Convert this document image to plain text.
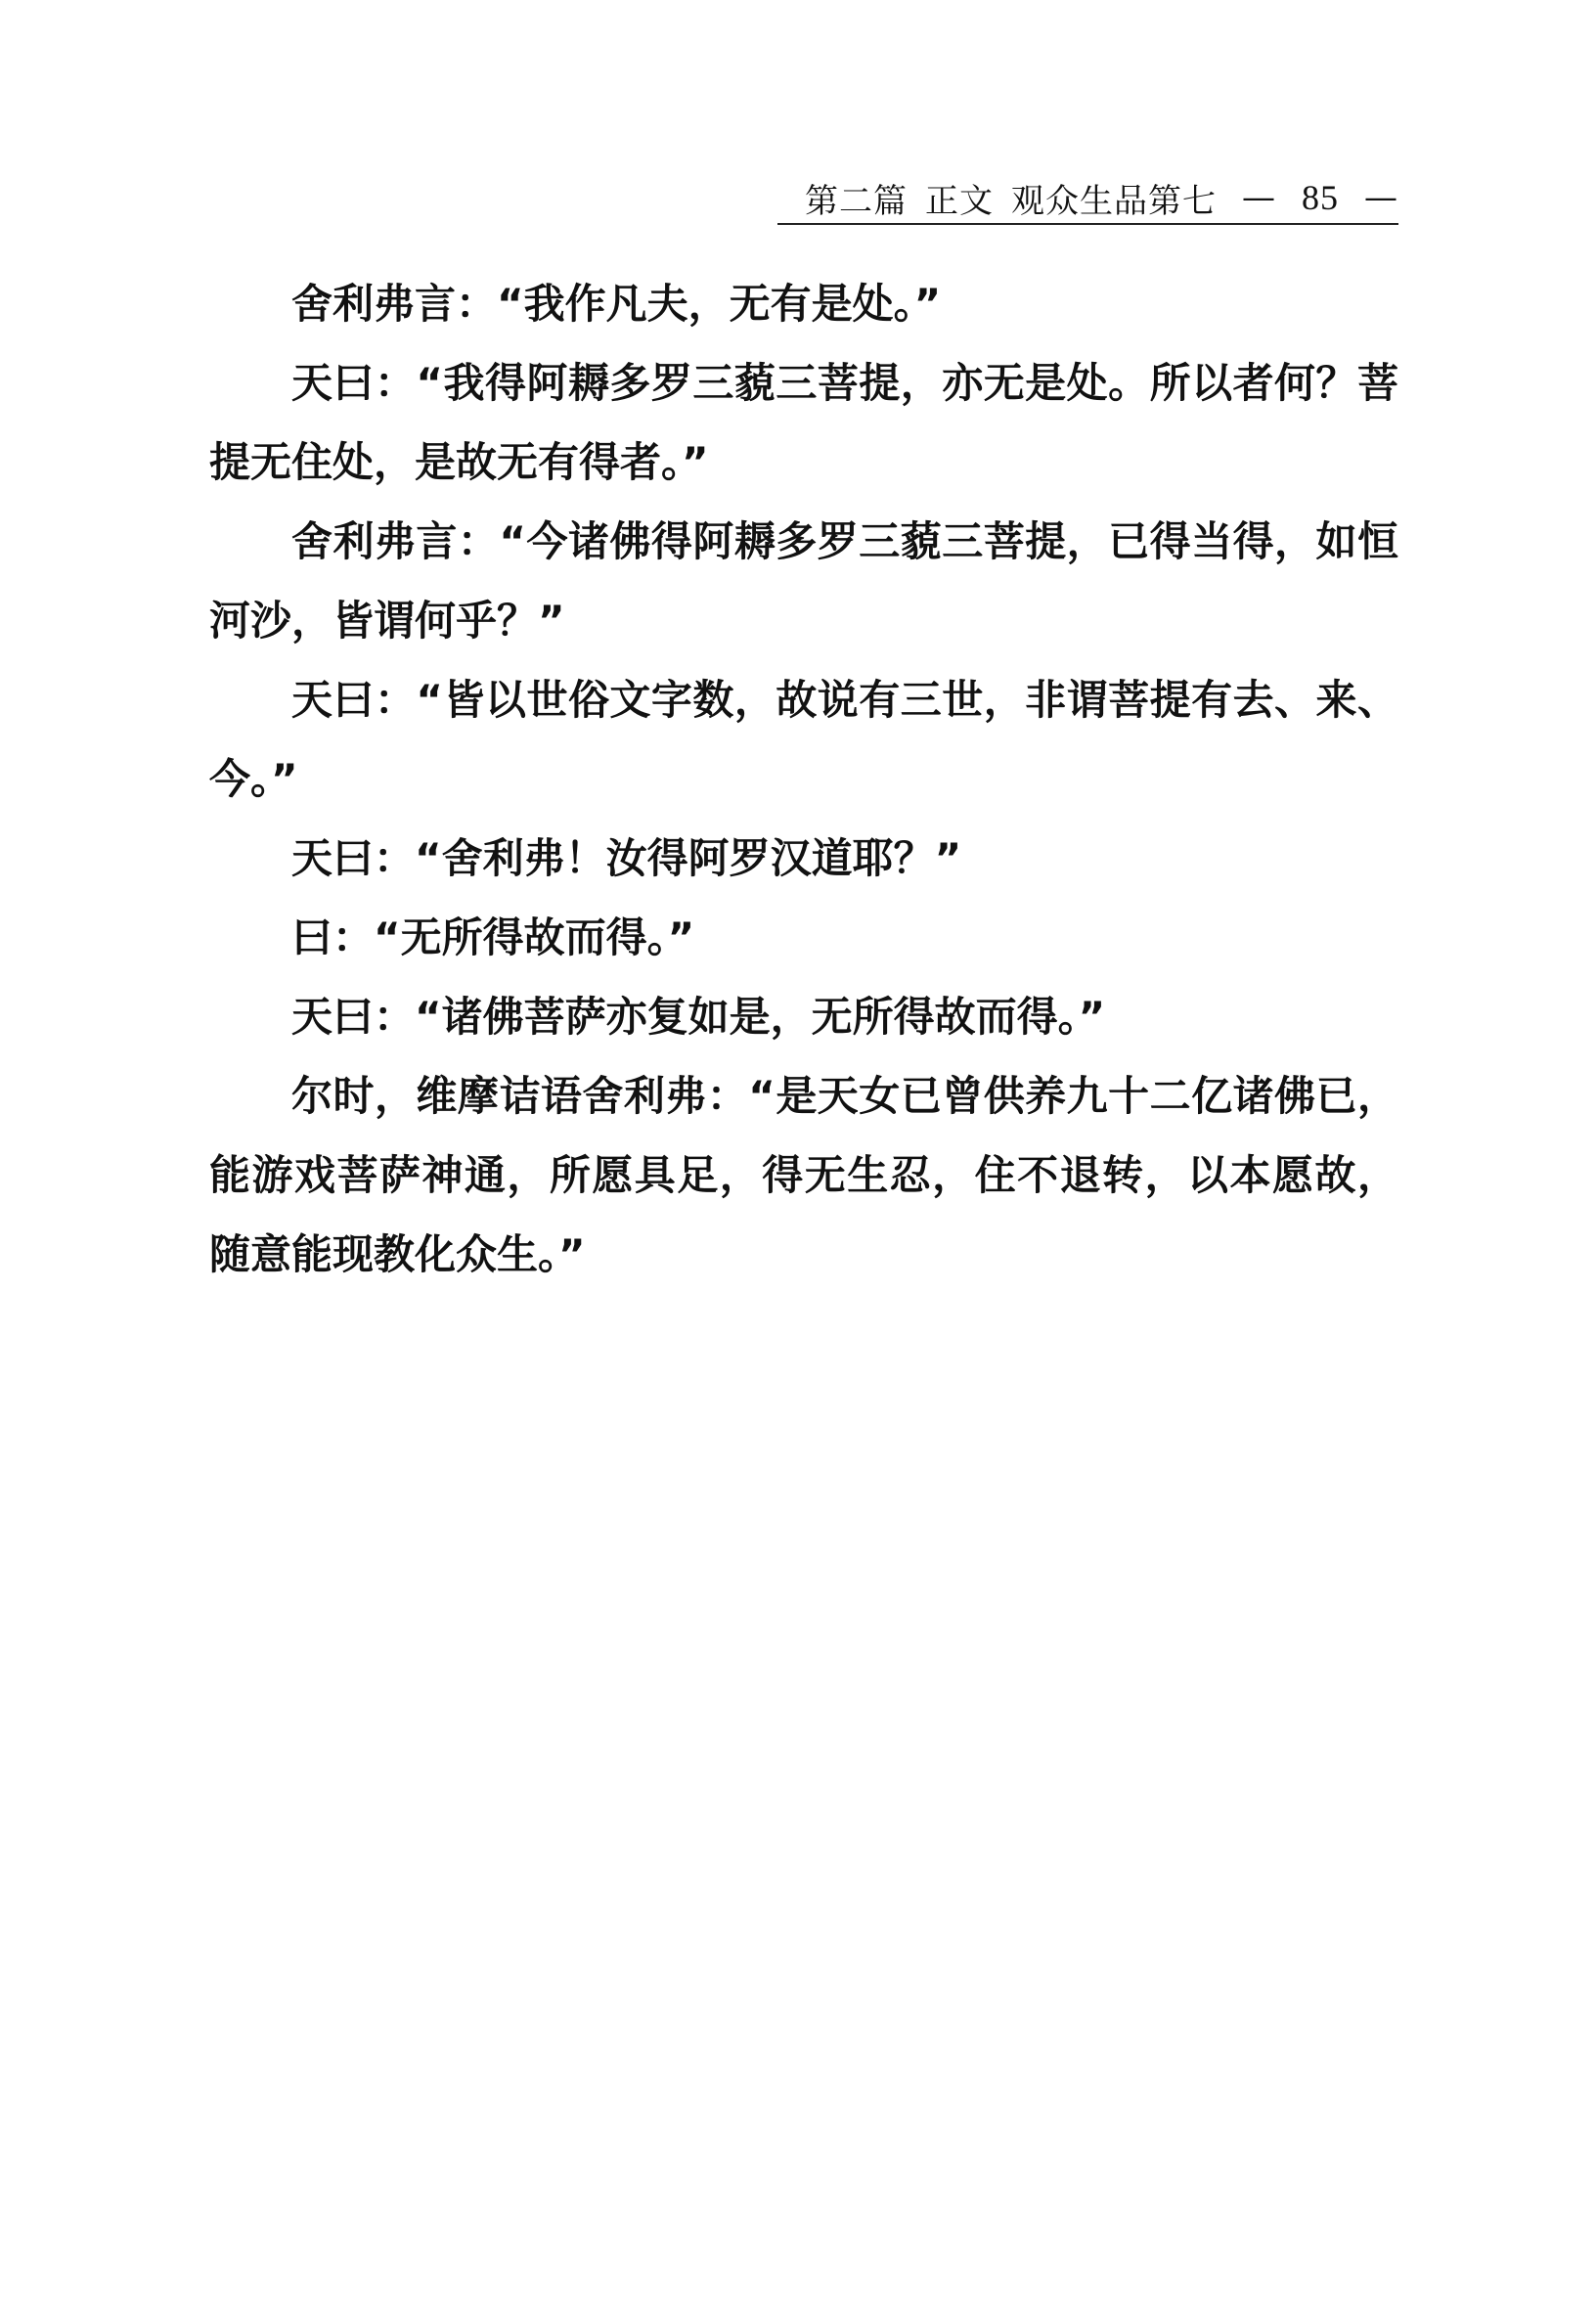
第二篇 正文 观众生品第七 — 85 —

舍利弗言：“我作凡夫，无有是处。”

天曰：“我得阿耨多罗三藐三菩提，亦无是处。所以者何？菩提无住处，是故无有得者。”

舍利弗言：“今诸佛得阿耨多罗三藐三菩提，已得当得，如恒河沙，皆谓何乎？”

天曰：“皆以世俗文字数，故说有三世，非谓菩提有去、来、今。”

天曰：“舍利弗！汝得阿罗汉道耶？”

曰：“无所得故而得。”

天曰：“诸佛菩萨亦复如是，无所得故而得。”

尔时，维摩诘语舍利弗：“是天女已曾供养九十二亿诸佛已，能游戏菩萨神通，所愿具足，得无生忍，住不退转，以本愿故，随意能现教化众生。”
